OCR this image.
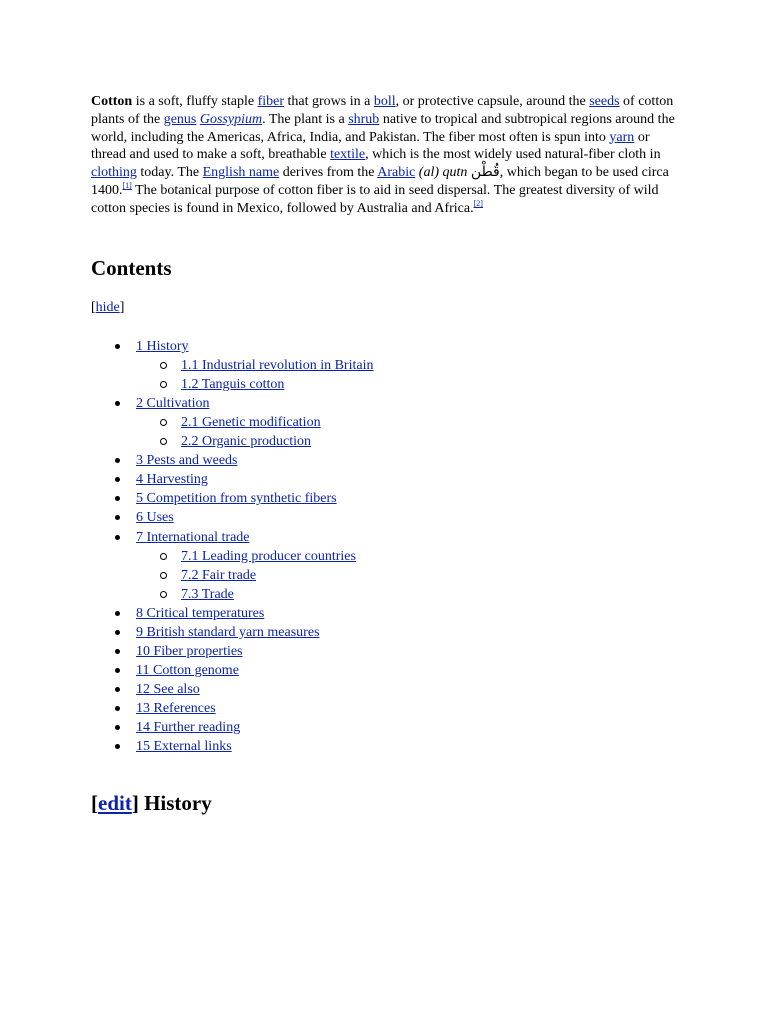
Cotton is a soft, fluffy staple fiber that grows in a boll, or protective capsule, around the seeds of cotton plants of the genus Gossypium. The plant is a shrub native to tropical and subtropical regions around the world, including the Americas, Africa, India, and Pakistan. The fiber most often is spun into yarn or thread and used to make a soft, breathable textile, which is the most widely used natural-fiber cloth in clothing today. The English name derives from the Arabic (al) qutn قُطْن, which began to be used circa 1400.[1] The botanical purpose of cotton fiber is to aid in seed dispersal. The greatest diversity of wild cotton species is found in Mexico, followed by Australia and Africa.[2]

Contents
[hide]
1 History
1.1 Industrial revolution in Britain
1.2 Tanguis cotton
2 Cultivation
2.1 Genetic modification
2.2 Organic production
3 Pests and weeds
4 Harvesting
5 Competition from synthetic fibers
6 Uses
7 International trade
7.1 Leading producer countries
7.2 Fair trade
7.3 Trade
8 Critical temperatures
9 British standard yarn measures
10 Fiber properties
11 Cotton genome
12 See also
13 References
14 Further reading
15 External links
[edit] History
